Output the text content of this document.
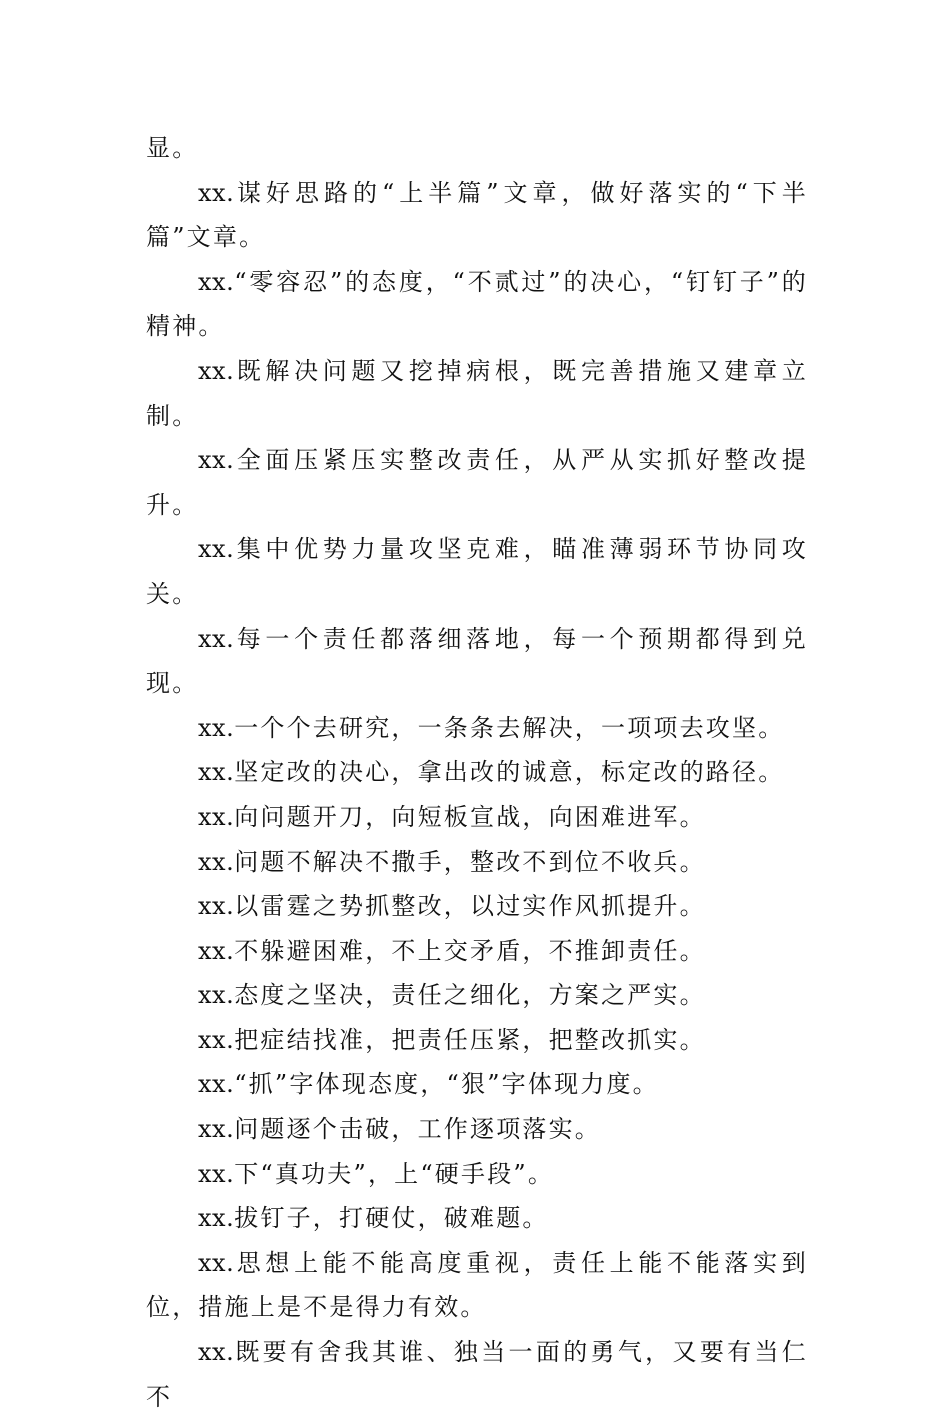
显。

xx.谋好思路的“上半篇”文章，做好落实的“下半篇”文章。

xx.“零容忍”的态度，“不贰过”的决心，“钉钉子”的精神。

xx.既解决问题又挖掉病根，既完善措施又建章立制。

xx.全面压紧压实整改责任，从严从实抓好整改提升。

xx.集中优势力量攻坚克难，瞄准薄弱环节协同攻关。

xx.每一个责任都落细落地，每一个预期都得到兑现。

xx.一个个去研究，一条条去解决，一项项去攻坚。

xx.坚定改的决心，拿出改的诚意，标定改的路径。

xx.向问题开刀，向短板宣战，向困难进军。

xx.问题不解决不撒手，整改不到位不收兵。

xx.以雷霆之势抓整改，以过实作风抓提升。

xx.不躲避困难，不上交矛盾，不推卸责任。

xx.态度之坚决，责任之细化，方案之严实。

xx.把症结找准，把责任压紧，把整改抓实。

xx.“抓”字体现态度，“狠”字体现力度。

xx.问题逐个击破，工作逐项落实。

xx.下“真功夫”，上“硬手段”。

xx.拔钉子，打硬仗，破难题。

xx.思想上能不能高度重视，责任上能不能落实到位，措施上是不是得力有效。

xx.既要有舍我其谁、独当一面的勇气，又要有当仁不
